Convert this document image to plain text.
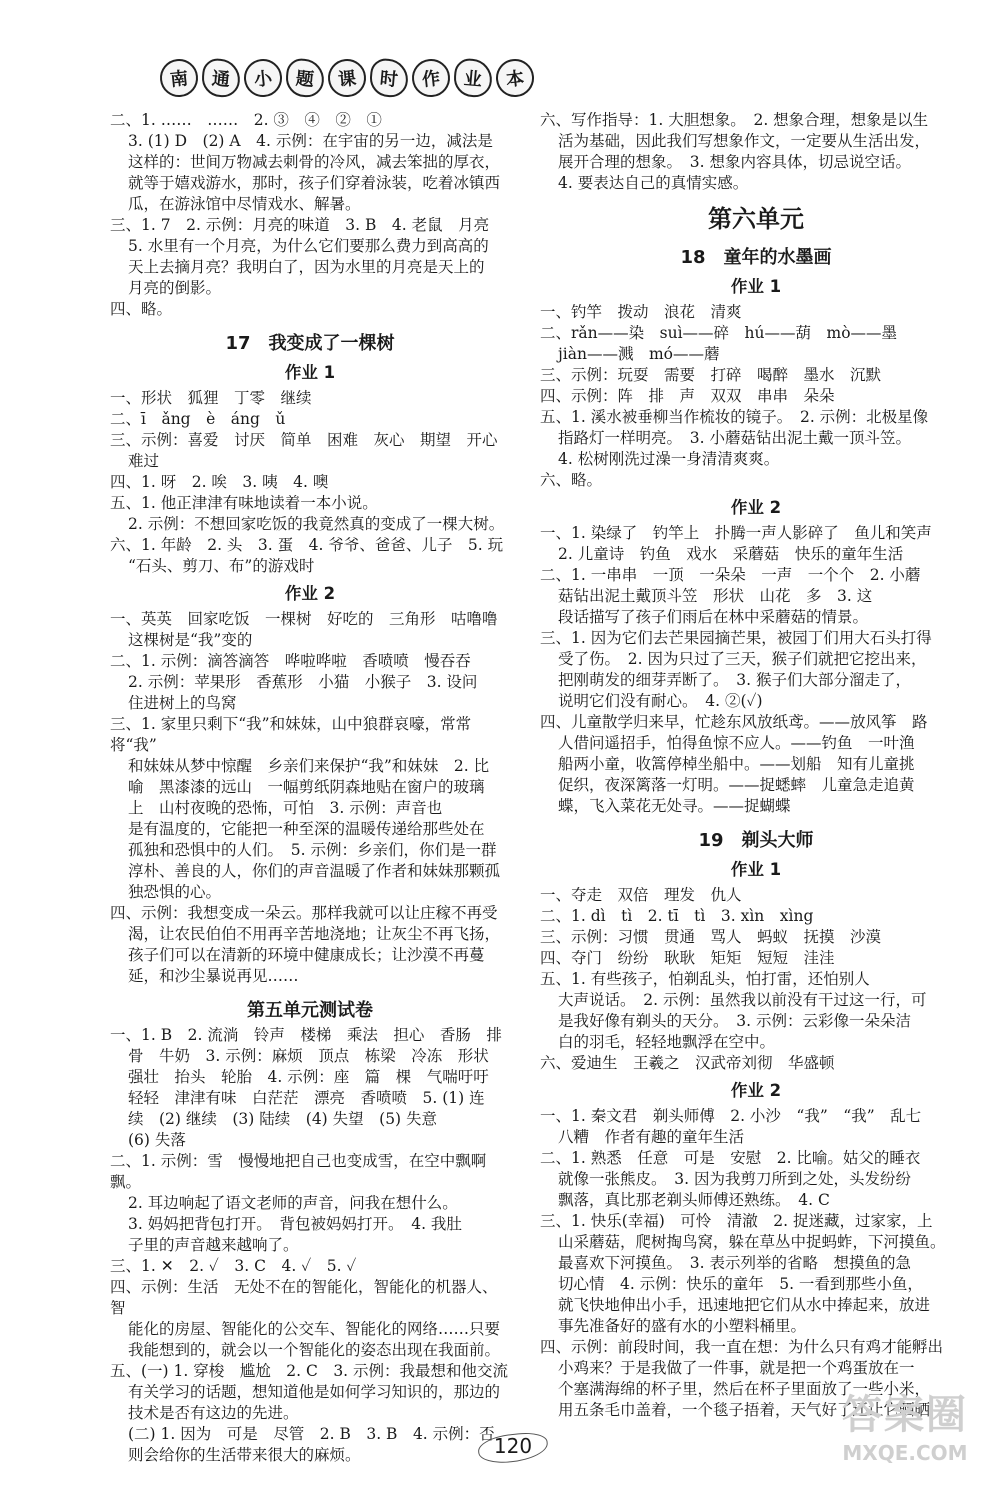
南	通	小	题	课	时	作	业	本
二、1. ……　……　2. ③　④　②　①
3. (1) D　(2) A　4. 示例：在宇宙的另一边，减法是
这样的：世间万物减去刺骨的冷风，减去笨拙的厚衣，
就等于嬉戏游水，那时，孩子们穿着泳装，吃着冰镇西
瓜，在游泳馆中尽情戏水、解暑。
三、1. 7　2. 示例：月亮的味道　3. B　4. 老鼠　月亮
5. 水里有一个月亮，为什么它们要那么费力到高高的
天上去摘月亮？我明白了，因为水里的月亮是天上的
月亮的倒影。
四、略。
17　我变成了一棵树
作业 1
一、形状　狐狸　丁零　继续
二、ī　ǎng　è　áng　ǔ
三、示例：喜爱　讨厌　简单　困难　灰心　期望　开心
难过
四、1. 呀　2. 唉　3. 咦　4. 噢
五、1. 他正津津有味地读着一本小说。
2. 示例：不想回家吃饭的我竟然真的变成了一棵大树。
六、1. 年龄　2. 头　3. 蛋　4. 爷爷、爸爸、儿子　5. 玩
“石头、剪刀、布”的游戏时
作业 2
一、英英　回家吃饭　一棵树　好吃的　三角形　咕噜噜
这棵树是“我”变的
二、1. 示例：滴答滴答　哗啦哗啦　香喷喷　慢吞吞
2. 示例：苹果形　香蕉形　小猫　小猴子　3. 设问
住进树上的鸟窝
三、1. 家里只剩下“我”和妹妹，山中狼群哀嚎，常常将“我”
和妹妹从梦中惊醒　乡亲们来保护“我”和妹妹　2. 比
喻　黑漆漆的远山　一幅剪纸阴森地贴在窗户的玻璃
上　山村夜晚的恐怖，可怕　3. 示例：声音也
是有温度的，它能把一种至深的温暖传递给那些处在
孤独和恐惧中的人们。　5. 示例：乡亲们，你们是一群
淳朴、善良的人，你们的声音温暖了作者和妹妹那颗孤
独恐惧的心。
四、示例：我想变成一朵云。那样我就可以让庄稼不再受
渴，让农民伯伯不用再辛苦地浇地；让灰尘不再飞扬，
孩子们可以在清新的环境中健康成长；让沙漠不再蔓
延，和沙尘暴说再见……
第五单元测试卷
一、1. B　2. 流淌　铃声　楼梯　乘法　担心　香肠　排
骨　牛奶　3. 示例：麻烦　顶点　栋梁　冷冻　形状
强壮　抬头　轮胎　4. 示例：座　篇　棵　气喘吁吁
轻轻　津津有味　白茫茫　漂亮　香喷喷　5. (1) 连
续　(2) 继续　(3) 陆续　(4) 失望　(5) 失意
(6) 失落
二、1. 示例：雪　慢慢地把自己也变成雪，在空中飘啊飘。
2. 耳边响起了语文老师的声音，问我在想什么。
3. 妈妈把背包打开。　背包被妈妈打开。　4. 我肚
子里的声音越来越响了。
三、1. ✕　2. ✓　3. C　4. ✓　5. ✓
四、示例：生活　无处不在的智能化，智能化的机器人、智
能化的房屋、智能化的公交车、智能化的网络……只要
我能想到的，就会以一个智能化的姿态出现在我面前。
五、(一) 1. 穿梭　尴尬　2. C　3. 示例：我最想和他交流
有关学习的话题，想知道他是如何学习知识的，那边的
技术是否有这边的先进。
(二) 1. 因为　可是　尽管　2. B　3. B　4. 示例：否
则会给你的生活带来很大的麻烦。
六、写作指导：1. 大胆想象。　2. 想象合理，想象是以生
活为基础，因此我们写想象作文，一定要从生活出发，
展开合理的想象。　3. 想象内容具体，切忌说空话。
4. 要表达自己的真情实感。
第六单元
18　童年的水墨画
作业 1
一、钓竿　拨动　浪花　清爽
二、rǎn——染　suì——碎　hú——葫　mò——墨
jiàn——溅　mó——蘑
三、示例：玩耍　需要　打碎　喝醉　墨水　沉默
四、示例：阵　排　声　双双　串串　朵朵
五、1. 溪水被垂柳当作梳妆的镜子。　2. 示例：北极星像
指路灯一样明亮。　3. 小蘑菇钻出泥土戴一顶斗笠。
4. 松树刚洗过澡一身清清爽爽。
六、略。
作业 2
一、1. 染绿了　钓竿上　扑腾一声人影碎了　鱼儿和笑声
2. 儿童诗　钓鱼　戏水　采蘑菇　快乐的童年生活
二、1. 一串串　一顶　一朵朵　一声　一个个　2. 小蘑
菇钻出泥土戴顶斗笠　形状　山花　多　3. 这
段话描写了孩子们雨后在林中采蘑菇的情景。
三、1. 因为它们去芒果园摘芒果，被园丁们用大石头打得
受了伤。　2. 因为只过了三天，猴子们就把它挖出来，
把刚萌发的细芽弄断了。　3. 猴子们大部分溜走了，
说明它们没有耐心。　4. ②(✓)
四、儿童散学归来早，忙趁东风放纸鸢。——放风筝　路
人借问遥招手，怕得鱼惊不应人。——钓鱼　一叶渔
船两小童，收篙停棹坐船中。——划船　知有儿童挑
促织，夜深篱落一灯明。——捉蟋蟀　儿童急走追黄
蝶，飞入菜花无处寻。——捉蝴蝶
19　剃头大师
作业 1
一、夺走　双倍　理发　仇人
二、1. dì　tì　2. tī　tì　3. xìn　xìng
三、示例：习惯　贯通　骂人　蚂蚁　抚摸　沙漠
四、夺门　纷纷　耿耿　矩矩　短短　洼洼
五、1. 有些孩子，怕剃乱头，怕打雷，还怕别人
大声说话。　2. 示例：虽然我以前没有干过这一行，可
是我好像有剃头的天分。　3. 示例：云彩像一朵朵洁
白的羽毛，轻轻地飘浮在空中。
六、爱迪生　王羲之　汉武帝刘彻　华盛顿
作业 2
一、1. 秦文君　剃头师傅　2. 小沙　“我”　“我”　乱七
八糟　作者有趣的童年生活
二、1. 熟悉　任意　可是　安慰　2. 比喻。姑父的睡衣
就像一张熊皮。　3. 因为我剪刀所到之处，头发纷纷
飘落，真比那老剃头师傅还熟练。　4. C
三、1. 快乐(幸福)　可怜　清澈　2. 捉迷藏，过家家，上
山采蘑菇，爬树掏鸟窝，躲在草丛中捉蚂蚱，下河摸鱼。
最喜欢下河摸鱼。　3. 表示列举的省略　想摸鱼的急
切心情　4. 示例：快乐的童年　5. 一看到那些小鱼，
就飞快地伸出小手，迅速地把它们从水中捧起来，放进
事先准备好的盛有水的小塑料桶里。
四、示例：前段时间，我一直在想：为什么只有鸡才能孵出
小鸡来？于是我做了一件事，就是把一个鸡蛋放在一
个塞满海绵的杯子里，然后在杯子里面放了一些小米，
用五条毛巾盖着，一个毯子捂着，天气好了还让它晒晒
120
答案圈
MXQE.COM
